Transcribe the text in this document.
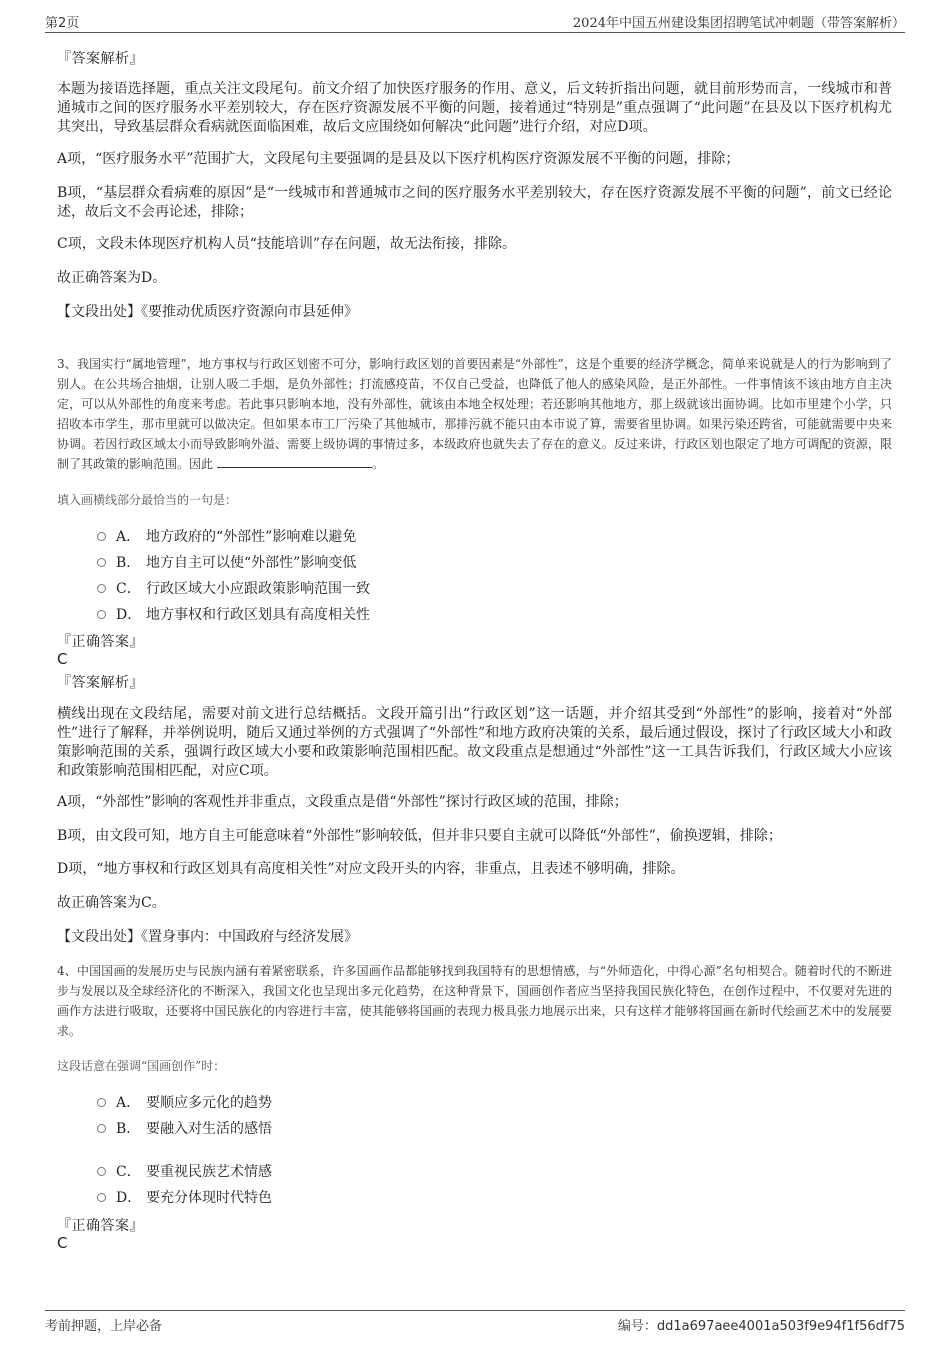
第2页	2024年中国五州建设集团招聘笔试冲刺题（带答案解析）
『答案解析』
本题为接语选择题，重点关注文段尾句。前文介绍了加快医疗服务的作用、意义，后文转折指出问题，就目前形势而言，一线城市和普通城市之间的医疗服务水平差别较大，存在医疗资源发展不平衡的问题，接着通过“特别是”重点强调了“此问题”在县及以下医疗机构尤其突出，导致基层群众看病就医面临困难，故后文应围绕如何解决“此问题”进行介绍，对应D项。
A项，“医疗服务水平”范围扩大，文段尾句主要强调的是县及以下医疗机构医疗资源发展不平衡的问题，排除；
B项，“基层群众看病难的原因”是“一线城市和普通城市之间的医疗服务水平差别较大，存在医疗资源发展不平衡的问题”，前文已经论述，故后文不会再论述，排除；
C项，文段未体现医疗机构人员“技能培训”存在问题，故无法衔接，排除。
故正确答案为D。
【文段出处】《要推动优质医疗资源向市县延伸》
3、我国实行“属地管理”，地方事权与行政区划密不可分，影响行政区划的首要因素是“外部性”，这是个重要的经济学概念，简单来说就是人的行为影响到了别人。在公共场合抽烟，让别人吸二手烟，是负外部性；打流感疫苗，不仅自己受益，也降低了他人的感染风险，是正外部性。一件事情该不该由地方自主决定，可以从外部性的角度来考虑。若此事只影响本地，没有外部性，就该由本地全权处理；若还影响其他地方，那上级就该出面协调。比如市里建个小学，只招收本市学生，那市里就可以做决定。但如果本市工厂污染了其他城市，那排污就不能只由本市说了算，需要省里协调。如果污染还跨省，可能就需要中央来协调。若因行政区域太小而导致影响外溢、需要上级协调的事情过多，本级政府也就失去了存在的意义。反过来讲，行政区划也限定了地方可调配的资源，限制了其政策的影响范围。因此	。
填入画横线部分最恰当的一句是：
A． 地方政府的“外部性”影响难以避免
B． 地方自主可以使“外部性”影响变低
C． 行政区域大小应跟政策影响范围一致
D． 地方事权和行政区划具有高度相关性
『正确答案』
C
『答案解析』
横线出现在文段结尾，需要对前文进行总结概括。文段开篇引出“行政区划”这一话题，并介绍其受到“外部性”的影响，接着对“外部性”进行了解释，并举例说明，随后又通过举例的方式强调了“外部性”和地方政府决策的关系，最后通过假设，探讨了行政区域大小和政策影响范围的关系，强调行政区域大小要和政策影响范围相匹配。故文段重点是想通过“外部性”这一工具告诉我们，行政区域大小应该和政策影响范围相匹配，对应C项。
A项，“外部性”影响的客观性并非重点，文段重点是借“外部性”探讨行政区域的范围，排除；
B项，由文段可知，地方自主可能意味着“外部性”影响较低，但并非只要自主就可以降低“外部性”，偷换逻辑，排除；
D项，“地方事权和行政区划具有高度相关性”对应文段开头的内容，非重点，且表述不够明确，排除。
故正确答案为C。
【文段出处】《置身事内：中国政府与经济发展》
4、中国国画的发展历史与民族内涵有着紧密联系，许多国画作品都能够找到我国特有的思想情感，与“外师造化，中得心源”名句相契合。随着时代的不断进步与发展以及全球经济化的不断深入，我国文化也呈现出多元化趋势，在这种背景下，国画创作者应当坚持我国民族化特色，在创作过程中，不仅要对先进的画作方法进行吸取，还要将中国民族化的内容进行丰富，使其能够将国画的表现力极具张力地展示出来，只有这样才能够将国画在新时代绘画艺术中的发展要求。
这段话意在强调“国画创作”时：
A． 要顺应多元化的趋势
B． 要融入对生活的感悟
C． 要重视民族艺术情感
D． 要充分体现时代特色
『正确答案』
C
考前押题，上岸必备	编号：dd1a697aee4001a503f9e94f1f56df75
